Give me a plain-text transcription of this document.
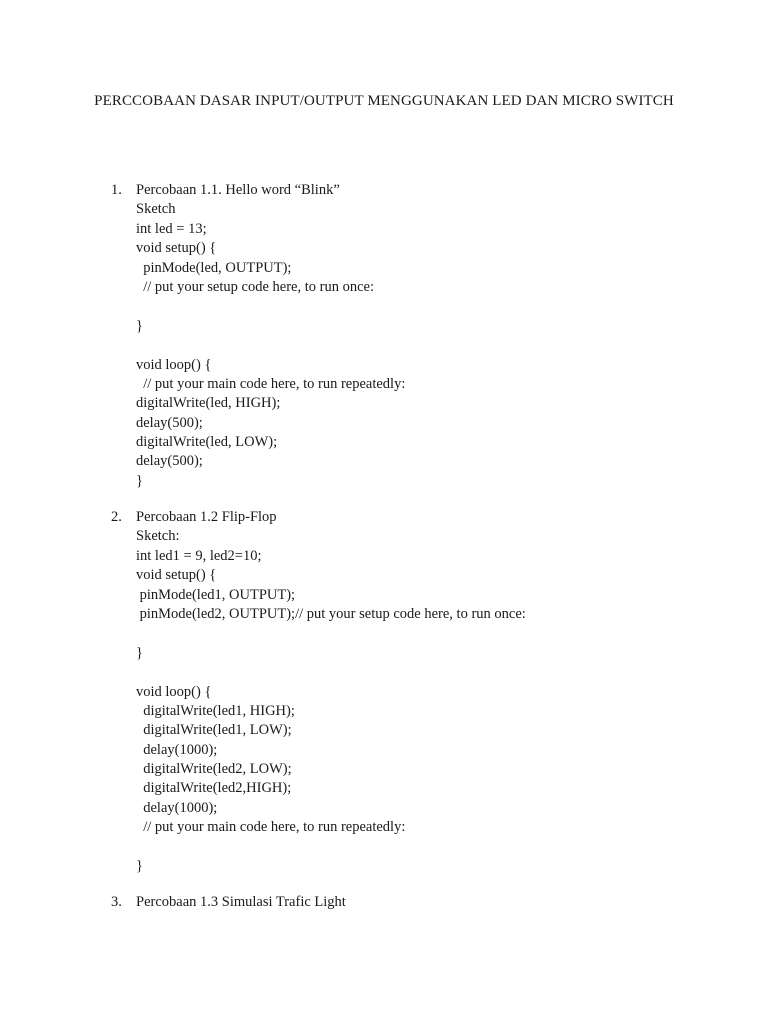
PERCCOBAAN DASAR INPUT/OUTPUT MENGGUNAKAN LED DAN MICRO SWITCH
1. Percobaan 1.1. Hello word “Blink”
Sketch
int led = 13;
void setup() {
pinMode(led, OUTPUT);
// put your setup code here, to run once:
}
void loop() {
// put your main code here, to run repeatedly:
digitalWrite(led, HIGH);
delay(500);
digitalWrite(led, LOW);
delay(500);
}
2. Percobaan 1.2 Flip-Flop
Sketch:
int led1 = 9, led2=10;
void setup() {
pinMode(led1, OUTPUT);
pinMode(led2, OUTPUT);// put your setup code here, to run once:
}
void loop() {
digitalWrite(led1, HIGH);
digitalWrite(led1, LOW);
delay(1000);
digitalWrite(led2, LOW);
digitalWrite(led2,HIGH);
delay(1000);
// put your main code here, to run repeatedly:
}
3. Percobaan 1.3 Simulasi Trafic Light
